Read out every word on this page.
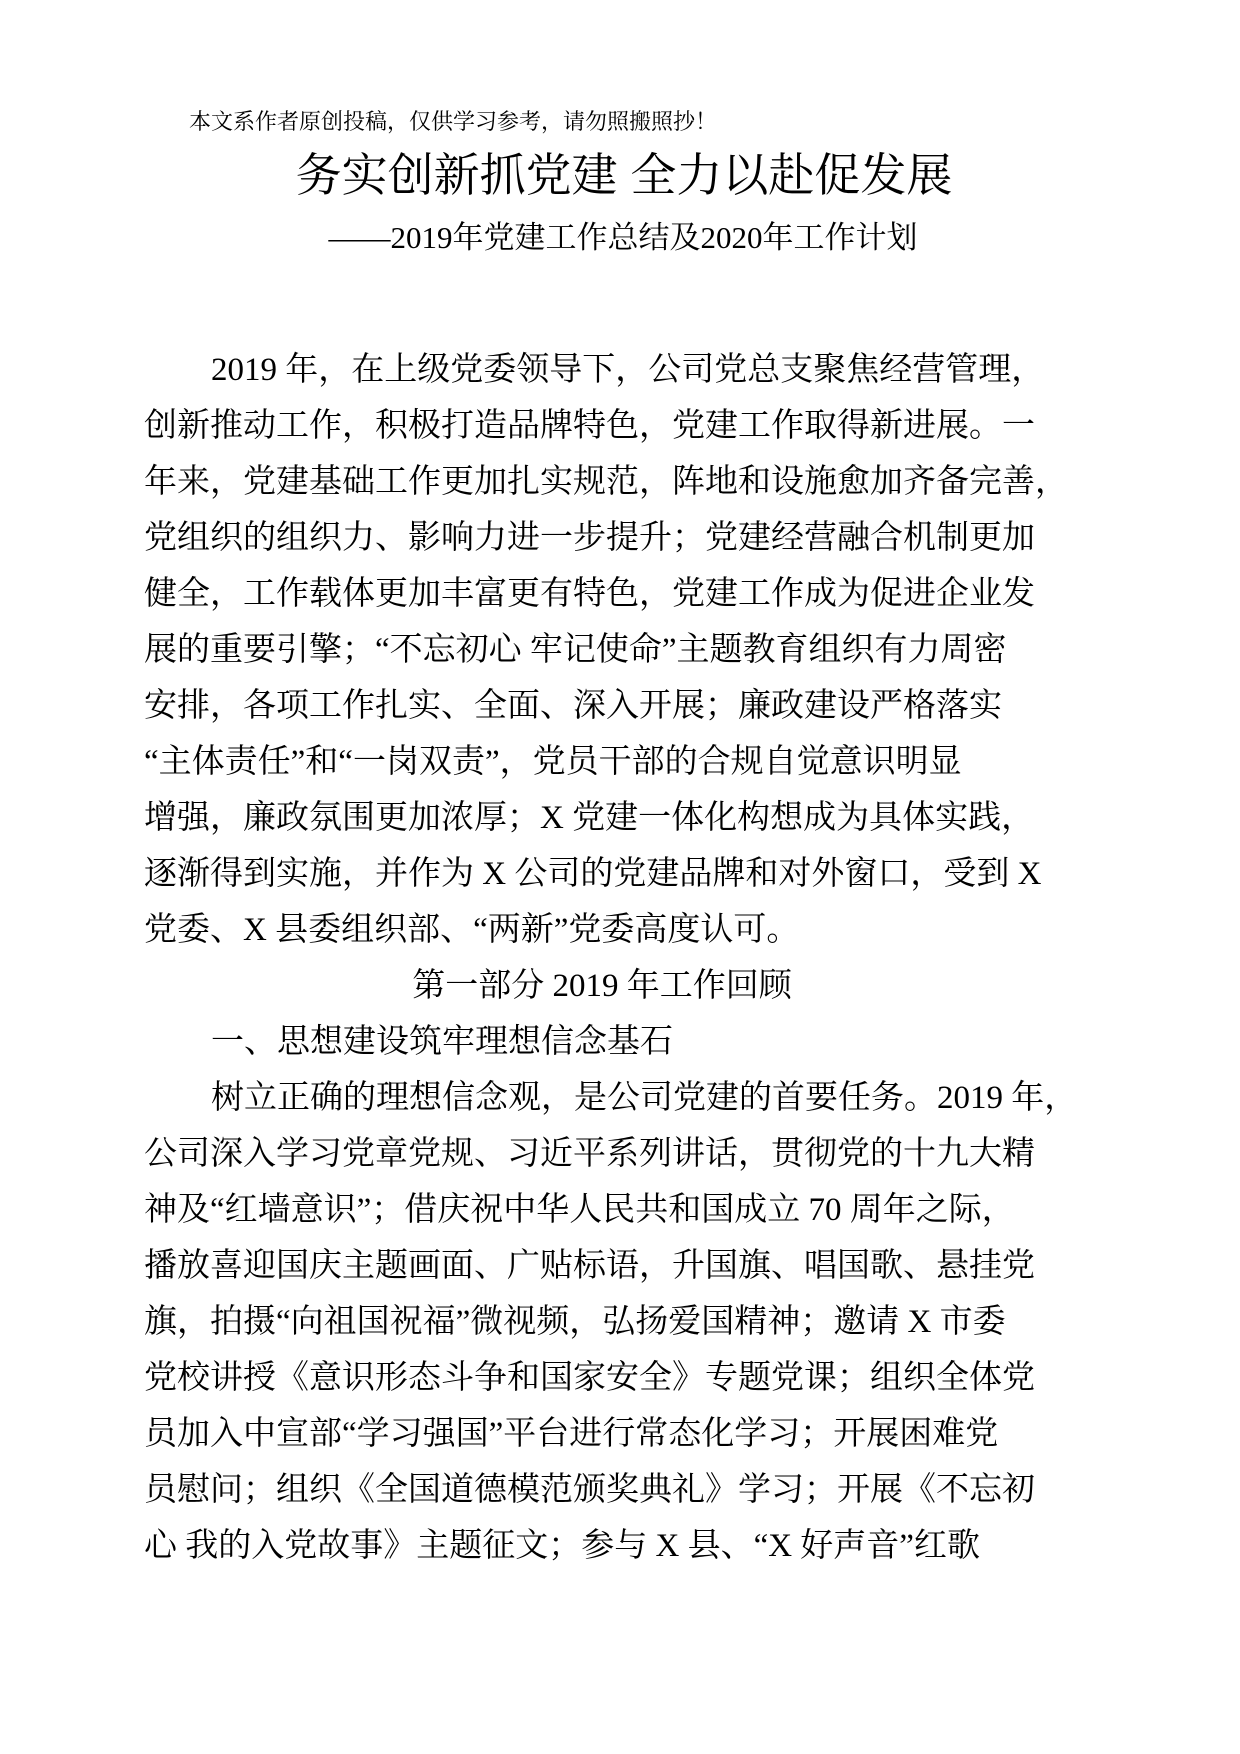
本文系作者原创投稿，仅供学习参考，请勿照搬照抄！
务实创新抓党建 全力以赴促发展
——2019年党建工作总结及2020年工作计划
2019 年，在上级党委领导下，公司党总支聚焦经营管理，
创新推动工作，积极打造品牌特色，党建工作取得新进展。一
年来，党建基础工作更加扎实规范，阵地和设施愈加齐备完善，
党组织的组织力、影响力进一步提升；党建经营融合机制更加
健全，工作载体更加丰富更有特色，党建工作成为促进企业发
展的重要引擎；“不忘初心 牢记使命”主题教育组织有力周密
安排，各项工作扎实、全面、深入开展；廉政建设严格落实
“主体责任”和“一岗双责”，党员干部的合规自觉意识明显
增强，廉政氛围更加浓厚；X 党建一体化构想成为具体实践，
逐渐得到实施，并作为 X 公司的党建品牌和对外窗口，受到 X
党委、X 县委组织部、“两新”党委高度认可。
第一部分 2019 年工作回顾
一、思想建设筑牢理想信念基石
树立正确的理想信念观，是公司党建的首要任务。2019 年，
公司深入学习党章党规、习近平系列讲话，贯彻党的十九大精
神及“红墙意识”；借庆祝中华人民共和国成立 70 周年之际，
播放喜迎国庆主题画面、广贴标语，升国旗、唱国歌、悬挂党
旗，拍摄“向祖国祝福”微视频，弘扬爱国精神；邀请 X 市委
党校讲授《意识形态斗争和国家安全》专题党课；组织全体党
员加入中宣部“学习强国”平台进行常态化学习；开展困难党
员慰问；组织《全国道德模范颁奖典礼》学习；开展《不忘初
心 我的入党故事》主题征文；参与 X 县、“X 好声音”红歌
